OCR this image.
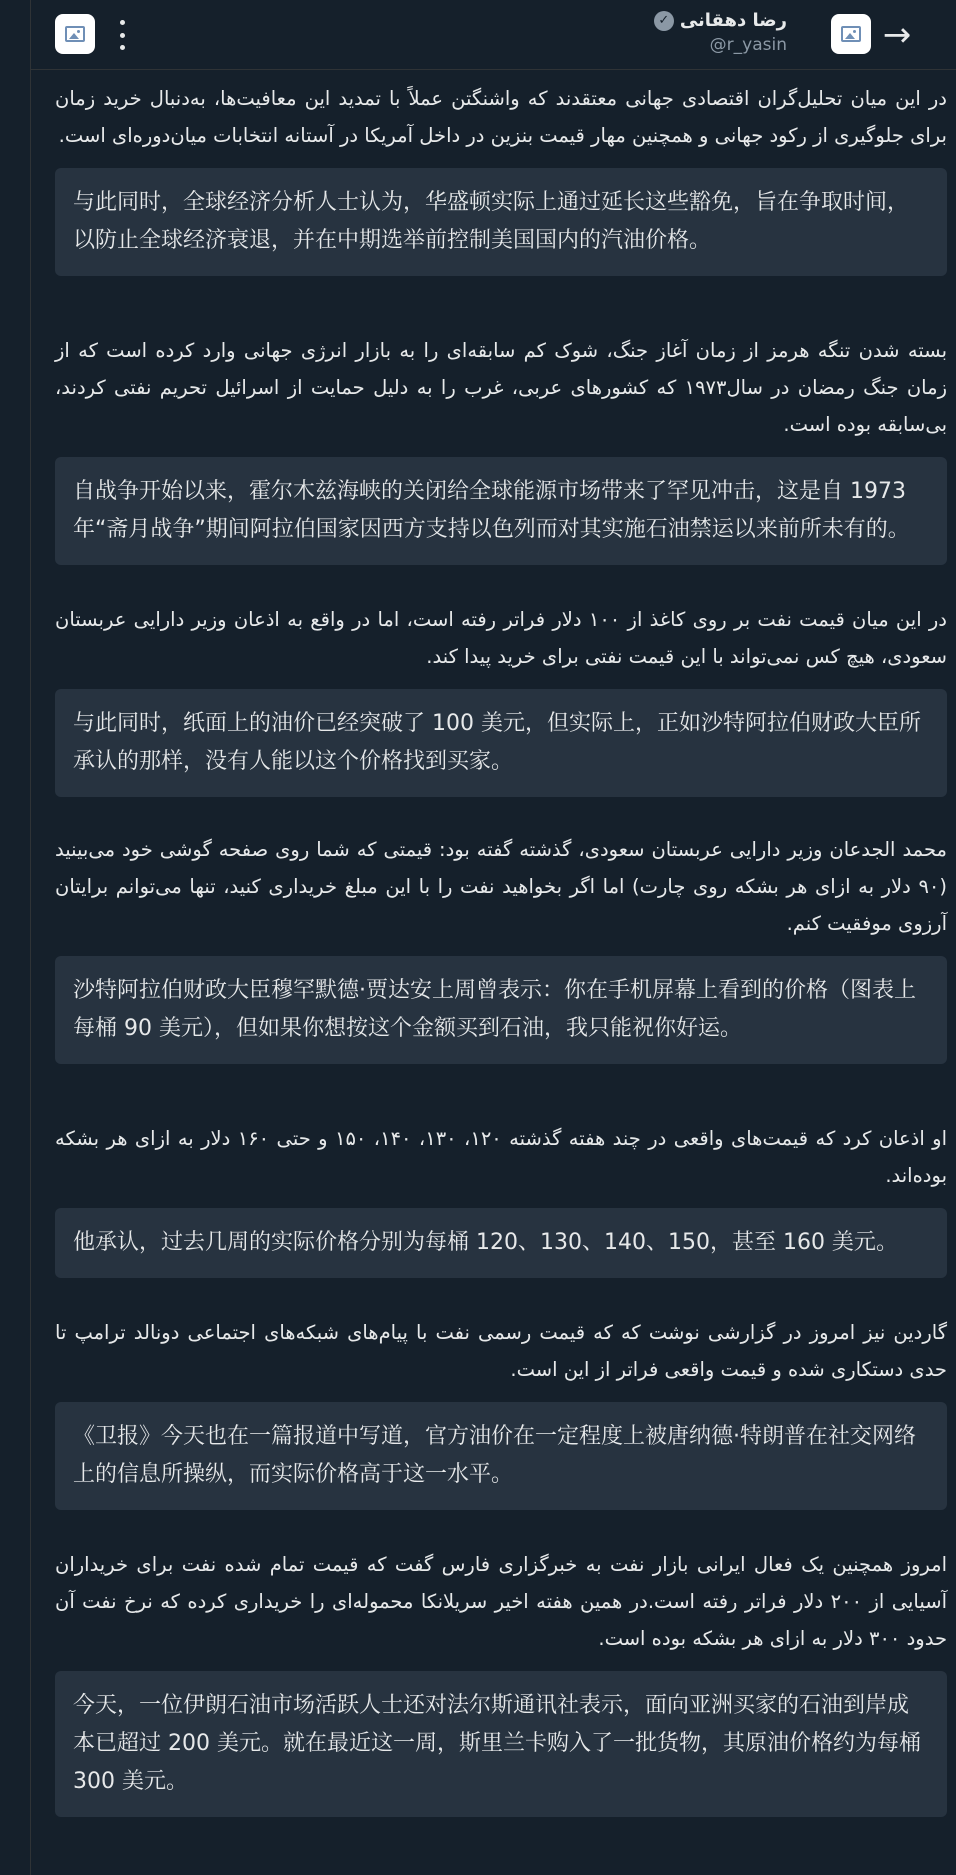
رضا دهقانی
✓
@r_yasin	→

در این میان تحلیل‌گران اقتصادی جهانی معتقدند که واشنگتن عملاً با تمدید این معافیت‌ها، به‌دنبال خرید زمان برای جلوگیری از رکود جهانی و همچنین مهار قیمت بنزین در داخل آمریکا در آستانه انتخابات میان‌دوره‌ای است.

与此同时，全球经济分析人士认为，华盛顿实际上通过延长这些豁免，旨在争取时间，以防止全球经济衰退，并在中期选举前控制美国国内的汽油价格。

بسته شدن تنگه هرمز از زمان آغاز جنگ، شوک کم سابقه‌ای را به بازار انرژی جهانی وارد کرده است که از زمان جنگ رمضان در سال۱۹۷۳ که کشورهای عربی، غرب را به دلیل حمایت از اسرائیل تحریم نفتی کردند، بی‌سابقه بوده است.

自战争开始以来，霍尔木兹海峡的关闭给全球能源市场带来了罕见冲击，这是自 1973 年“斋月战争”期间阿拉伯国家因西方支持以色列而对其实施石油禁运以来前所未有的。

در این میان قیمت نفت بر روی کاغذ از ۱۰۰ دلار فراتر رفته است، اما در واقع به اذعان وزیر دارایی عربستان سعودی، هیچ کس نمی‌تواند با این قیمت نفتی برای خرید پیدا کند.

与此同时，纸面上的油价已经突破了 100 美元，但实际上，正如沙特阿拉伯财政大臣所承认的那样，没有人能以这个价格找到买家。

محمد الجدعان وزیر دارایی عربستان سعودی، گذشته گفته بود: قیمتی که شما روی صفحه گوشی خود می‌بینید (۹۰ دلار به ازای هر بشکه روی چارت) اما اگر بخواهید نفت را با این مبلغ خریداری کنید، تنها می‌توانم برایتان آرزوی موفقیت کنم.

沙特阿拉伯财政大臣穆罕默德·贾达安上周曾表示：你在手机屏幕上看到的价格（图表上每桶 90 美元），但如果你想按这个金额买到石油，我只能祝你好运。

او اذعان کرد که قیمت‌های واقعی در چند هفته گذشته ۱۲۰، ۱۳۰، ۱۴۰، ۱۵۰ و حتی ۱۶۰ دلار به ازای هر بشکه بوده‌اند.

他承认，过去几周的实际价格分别为每桶 120、130、140、150，甚至 160 美元。

گاردین نیز امروز در گزارشی نوشت که که قیمت رسمی نفت با پیام‌های شبکه‌های اجتماعی دونالد ترامپ تا حدی دستکاری شده و قیمت واقعی فراتر از این است.

《卫报》今天也在一篇报道中写道，官方油价在一定程度上被唐纳德·特朗普在社交网络上的信息所操纵，而实际价格高于这一水平。

امروز همچنین یک فعال ایرانی بازار نفت به خبرگزاری فارس گفت که قیمت تمام شده نفت برای خریداران آسیایی از ۲۰۰ دلار فراتر رفته است.در همین هفته اخیر سریلانکا محموله‌ای را خریداری کرده که نرخ نفت آن حدود ۳۰۰ دلار به ازای هر بشکه بوده است.

今天，一位伊朗石油市场活跃人士还对法尔斯通讯社表示，面向亚洲买家的石油到岸成本已超过 200 美元。就在最近这一周，斯里兰卡购入了一批货物，其原油价格约为每桶 300 美元。
